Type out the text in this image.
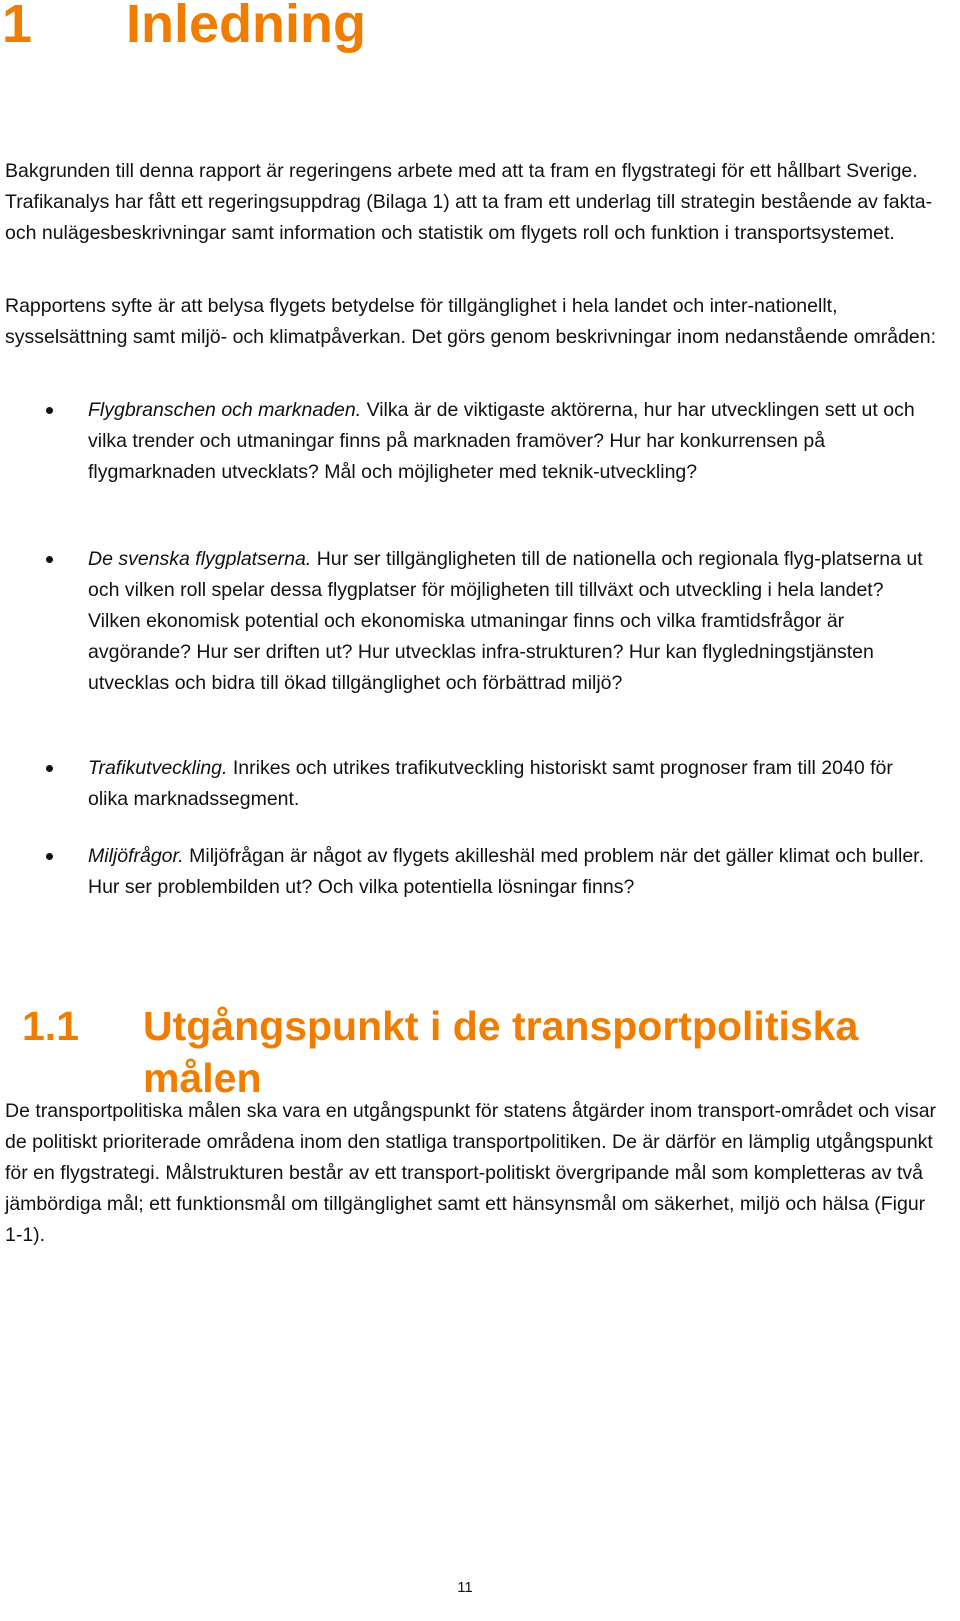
1 Inledning

Bakgrunden till denna rapport är regeringens arbete med att ta fram en flygstrategi för ett hållbart Sverige. Trafikanalys har fått ett regeringsuppdrag (Bilaga 1) att ta fram ett underlag till strategin bestående av fakta- och nulägesbeskrivningar samt information och statistik om flygets roll och funktion i transportsystemet.

Rapportens syfte är att belysa flygets betydelse för tillgänglighet i hela landet och inter-nationellt, sysselsättning samt miljö- och klimatpåverkan. Det görs genom beskrivningar inom nedanstående områden:

Flygbranschen och marknaden. Vilka är de viktigaste aktörerna, hur har utvecklingen sett ut och vilka trender och utmaningar finns på marknaden framöver? Hur har konkurrensen på flygmarknaden utvecklats? Mål och möjligheter med teknik-utveckling?

De svenska flygplatserna. Hur ser tillgängligheten till de nationella och regionala flyg-platserna ut och vilken roll spelar dessa flygplatser för möjligheten till tillväxt och utveckling i hela landet? Vilken ekonomisk potential och ekonomiska utmaningar finns och vilka framtidsfrågor är avgörande? Hur ser driften ut? Hur utvecklas infra-strukturen? Hur kan flygledningstjänsten utvecklas och bidra till ökad tillgänglighet och förbättrad miljö?

Trafikutveckling. Inrikes och utrikes trafikutveckling historiskt samt prognoser fram till 2040 för olika marknadssegment.

Miljöfrågor. Miljöfrågan är något av flygets akilleshäl med problem när det gäller klimat och buller. Hur ser problembilden ut? Och vilka potentiella lösningar finns?

1.1 Utgångspunkt i de transportpolitiska målen

De transportpolitiska målen ska vara en utgångspunkt för statens åtgärder inom transport-området och visar de politiskt prioriterade områdena inom den statliga transportpolitiken. De är därför en lämplig utgångspunkt för en flygstrategi. Målstrukturen består av ett transport-politiskt övergripande mål som kompletteras av två jämbördiga mål; ett funktionsmål om tillgänglighet samt ett hänsynsmål om säkerhet, miljö och hälsa (Figur 1-1).

11
